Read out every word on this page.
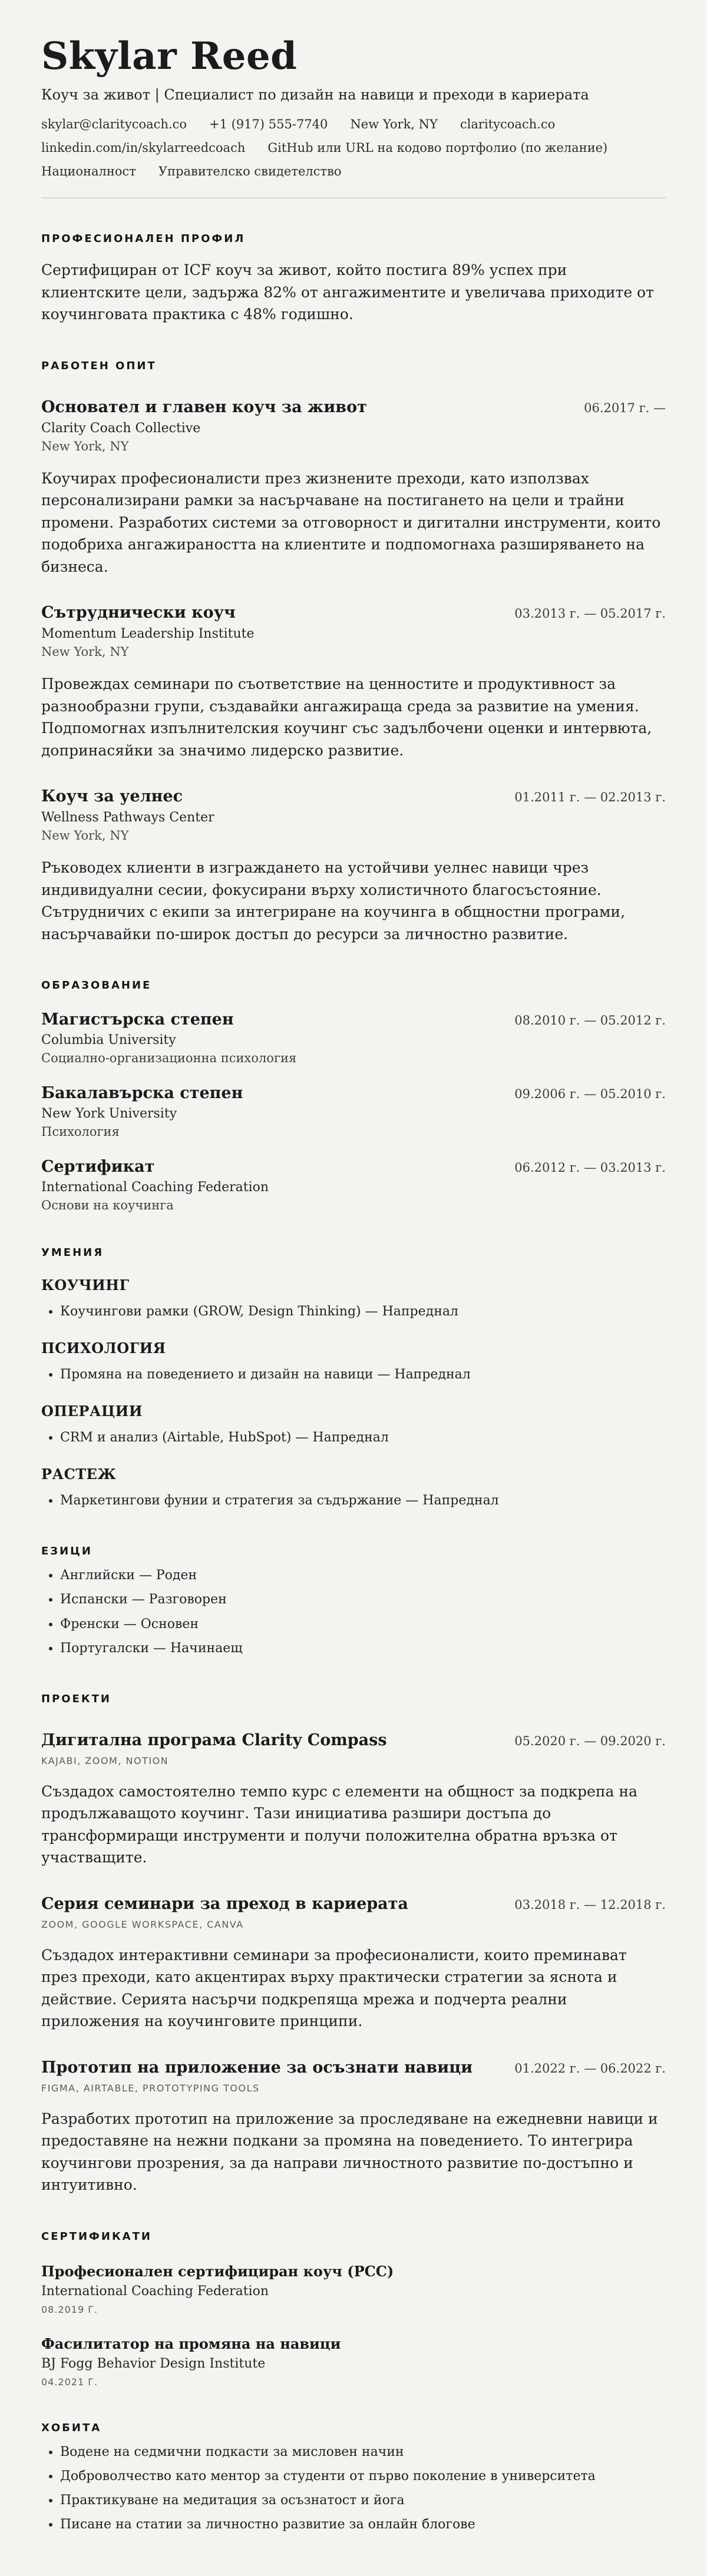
Skylar Reed
Коуч за живот | Специалист по дизайн на навици и преходи в кариерата
skylar@claritycoach.co +1 (917) 555-7740 New York, NY claritycoach.co
linkedin.com/in/skylarreedcoach GitHub или URL на кодово портфолио (по желание)
Националност Управителско свидетелство
ПРОФЕСИОНАЛЕН ПРОФИЛ

Сертифициран от ICF коуч за живот, който постига 89% успех при клиентските цели, задържа 82% от ангажиментите и увеличава приходите от коучинговата практика с 48% годишно.

РАБОТЕН ОПИТ
Основател и главен коуч за живот	06.2017 г. —
Clarity Coach Collective
New York, NY

Коучирах професионалисти през жизнените преходи, като използвах персонализирани рамки за насърчаване на постигането на цели и трайни промени. Разработих системи за отговорност и дигитални инструменти, които подобриха ангажираността на клиентите и подпомогнаха разширяването на бизнеса.

Сътруднически коуч	03.2013 г. — 05.2017 г.
Momentum Leadership Institute
New York, NY

Провеждах семинари по съответствие на ценностите и продуктивност за разнообразни групи, създавайки ангажираща среда за развитие на умения. Подпомогнах изпълнителския коучинг със задълбочени оценки и интервюта, допринасяйки за значимо лидерско развитие.

Коуч за уелнес	01.2011 г. — 02.2013 г.
Wellness Pathways Center
New York, NY

Ръководех клиенти в изграждането на устойчиви уелнес навици чрез индивидуални сесии, фокусирани върху холистичното благосъстояние. Сътрудничих с екипи за интегриране на коучинга в общностни програми, насърчавайки по-широк достъп до ресурси за личностно развитие.

ОБРАЗОВАНИЕ
Магистърска степен	08.2010 г. — 05.2012 г.
Columbia University
Социално-организационна психология
Бакалавърска степен	09.2006 г. — 05.2010 г.
New York University
Психология
Сертификат	06.2012 г. — 03.2013 г.
International Coaching Federation
Основи на коучинга
УМЕНИЯ
КОУЧИНГ
• Коучингови рамки (GROW, Design Thinking) — Напреднал
ПСИХОЛОГИЯ
• Промяна на поведението и дизайн на навици — Напреднал
ОПЕРАЦИИ
• CRM и анализ (Airtable, HubSpot) — Напреднал
РАСТЕЖ
• Маркетингови фунии и стратегия за съдържание — Напреднал
ЕЗИЦИ
• Английски — Роден
• Испански — Разговорен
• Френски — Основен
• Португалски — Начинаещ
ПРОЕКТИ
Дигитална програма Clarity Compass	05.2020 г. — 09.2020 г.
KAJABI, ZOOM, NOTION

Създадох самостоятелно темпо курс с елементи на общност за подкрепа на продължаващото коучинг. Тази инициатива разшири достъпа до трансформиращи инструменти и получи положителна обратна връзка от участващите.

Серия семинари за преход в кариерата	03.2018 г. — 12.2018 г.
ZOOM, GOOGLE WORKSPACE, CANVA

Създадох интерактивни семинари за професионалисти, които преминават през преходи, като акцентирах върху практически стратегии за яснота и действие. Серията насърчи подкрепяща мрежа и подчерта реални приложения на коучинговите принципи.

Прототип на приложение за осъзнати навици	01.2022 г. — 06.2022 г.
FIGMA, AIRTABLE, PROTOTYPING TOOLS

Разработих прототип на приложение за проследяване на ежедневни навици и предоставяне на нежни подкани за промяна на поведението. То интегрира коучингови прозрения, за да направи личностното развитие по-достъпно и интуитивно.

СЕРТИФИКАТИ
Професионален сертифициран коуч (PCC)
International Coaching Federation
08.2019 Г.
Фасилитатор на промяна на навици
BJ Fogg Behavior Design Institute
04.2021 Г.
ХОБИТА
• Водене на седмични подкасти за мисловен начин
• Доброволчество като ментор за студенти от първо поколение в университета
• Практикуване на медитация за осъзнатост и йога
• Писане на статии за личностно развитие за онлайн блогове
